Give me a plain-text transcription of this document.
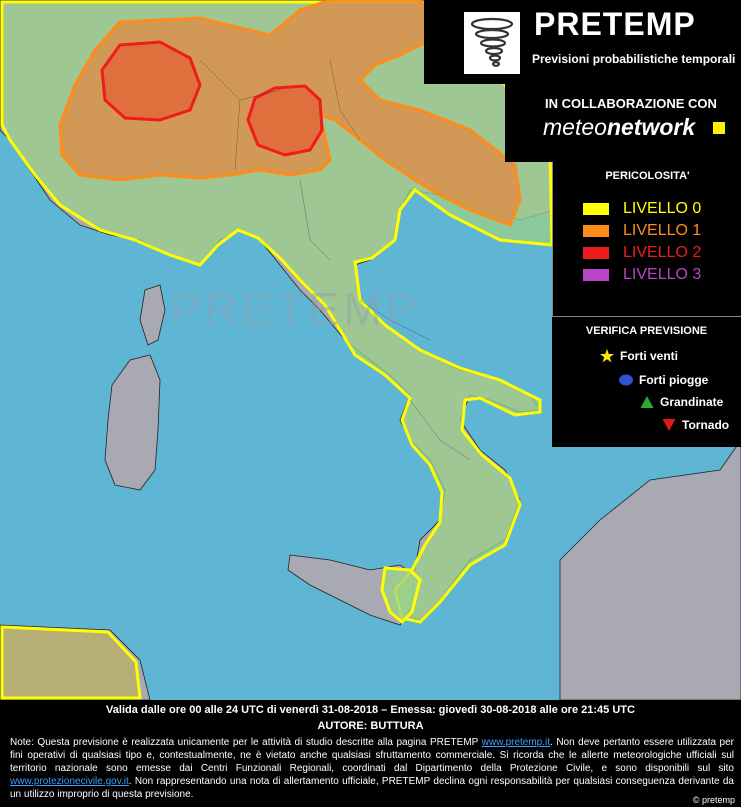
PRETEMP
PRETEMP
Previsioni probabilistiche temporali
IN COLLABORAZIONE CON
meteonetwork
PERICOLOSITA'
LIVELLO 0
LIVELLO 1
LIVELLO 2
LIVELLO 3
VERIFICA PREVISIONE
Forti venti
Forti piogge
Grandinate
Tornado
Valida dalle ore 00 alle 24 UTC di venerdì 31-08-2018 – Emessa: giovedì 30-08-2018 alle ore 21:45 UTC
AUTORE: BUTTURA
Note: Questa previsione è realizzata unicamente per le attività di studio descritte alla pagina PRETEMP www.pretemp.it. Non deve pertanto essere utilizzata per fini operativi di qualsiasi tipo e, contestualmente, ne è vietato anche qualsiasi sfruttamento commerciale. Si ricorda che le allerte meteorologiche ufficiali sul territorio nazionale sono emesse dai Centri Funzionali Regionali, coordinati dal Dipartimento della Protezione Civile, e sono disponibili sul sito www.protezionecivile.gov.it. Non rappresentando una nota di allertamento ufficiale, PRETEMP declina ogni responsabilità per qualsiasi conseguenza derivante da un utilizzo improprio di questa previsione.	© pretemp
